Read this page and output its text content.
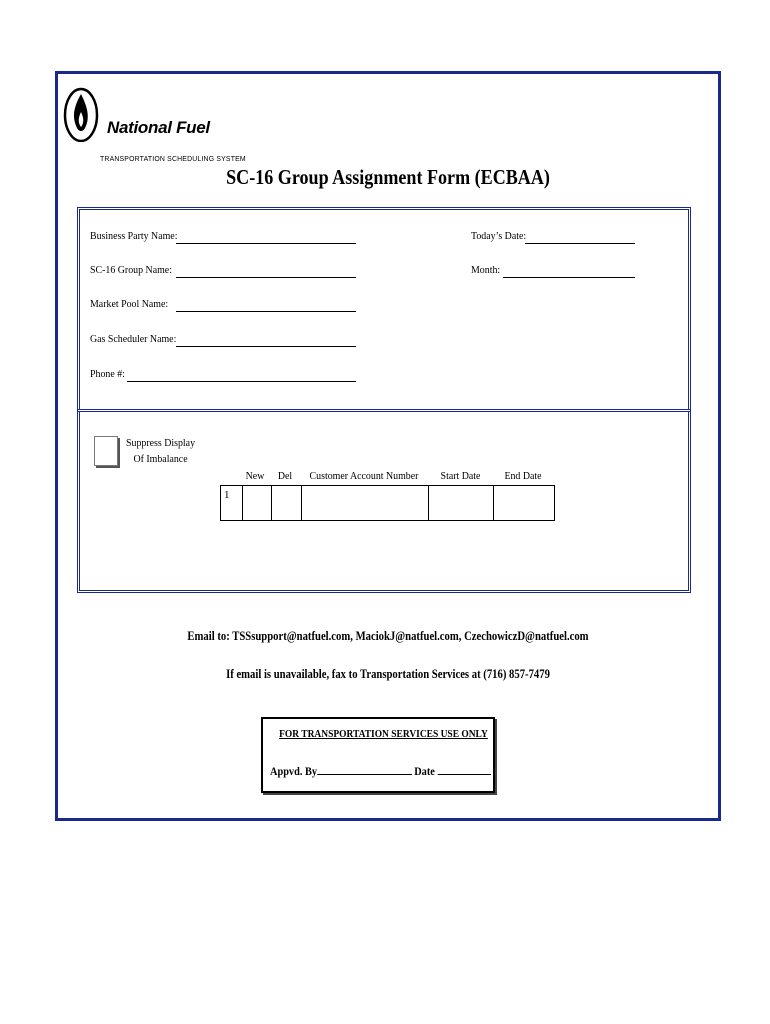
National Fuel
TRANSPORTATION SCHEDULING SYSTEM
SC-16 Group Assignment Form (ECBAA)
Business Party Name:
SC-16 Group Name:
Market Pool Name:
Gas Scheduler Name:
Phone #:
Today’s Date:
Month:
Suppress Display
Of Imbalance
New	Del	Customer Account Number	Start Date	End Date
1					
Email to: TSSsupport@natfuel.com, MaciokJ@natfuel.com, CzechowiczD@natfuel.com
If email is unavailable, fax to Transportation Services at (716) 857-7479
FOR TRANSPORTATION SERVICES USE ONLY
Appvd. By	Date
